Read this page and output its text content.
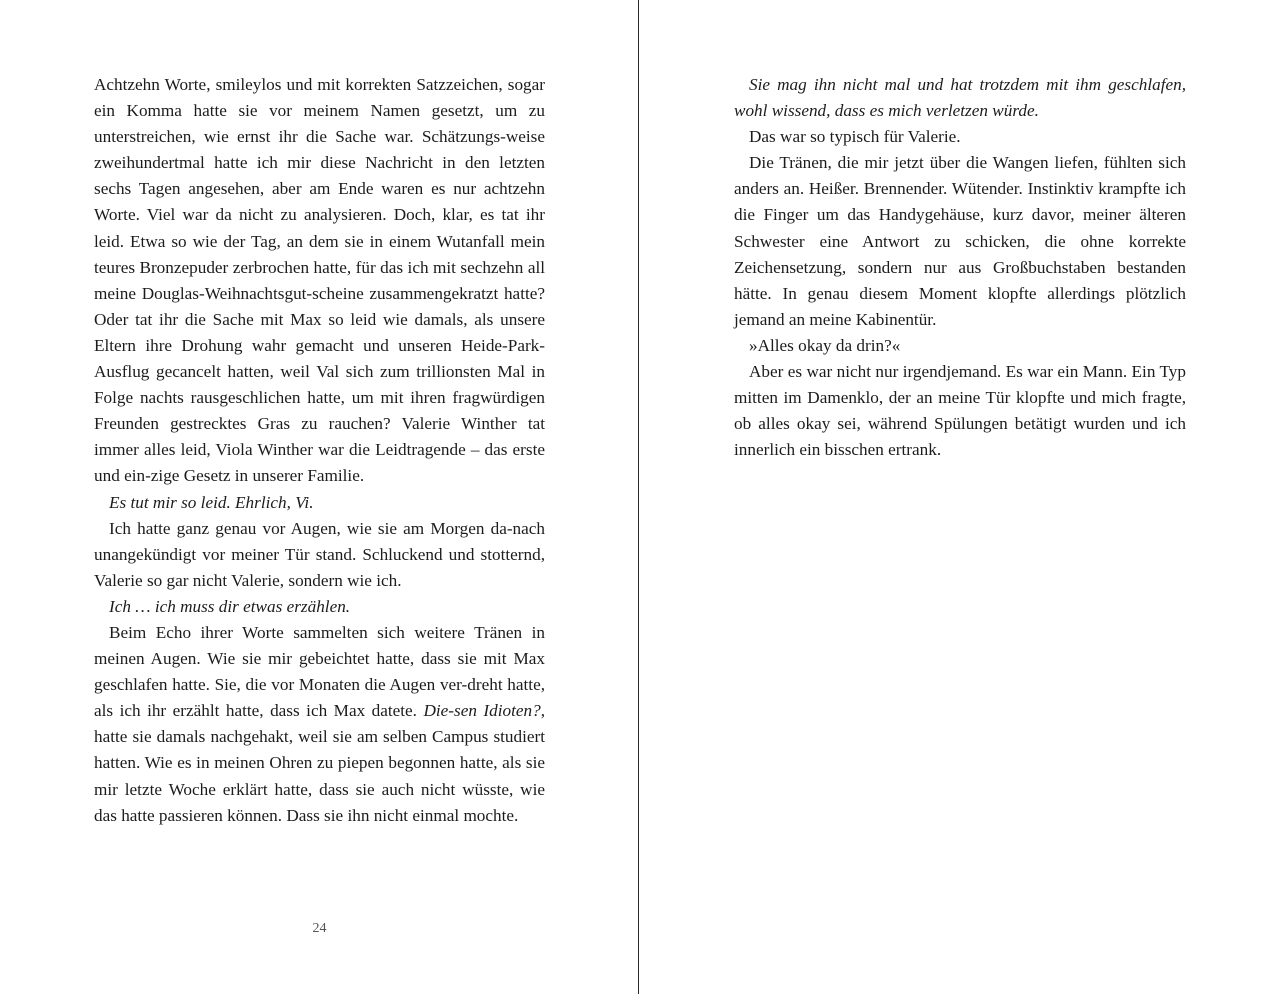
Achtzehn Worte, smileylos und mit korrekten Satzzeichen, sogar ein Komma hatte sie vor meinem Namen gesetzt, um zu unterstreichen, wie ernst ihr die Sache war. Schätzungs-weise zweihundertmal hatte ich mir diese Nachricht in den letzten sechs Tagen angesehen, aber am Ende waren es nur achtzehn Worte. Viel war da nicht zu analysieren. Doch, klar, es tat ihr leid. Etwa so wie der Tag, an dem sie in einem Wutanfall mein teures Bronzepuder zerbrochen hatte, für das ich mit sechzehn all meine Douglas-Weihnachtsgut-scheine zusammengekratzt hatte? Oder tat ihr die Sache mit Max so leid wie damals, als unsere Eltern ihre Drohung wahr gemacht und unseren Heide-Park-Ausflug gecancelt hatten, weil Val sich zum trillionsten Mal in Folge nachts rausgeschlichen hatte, um mit ihren fragwürdigen Freunden gestrecktes Gras zu rauchen? Valerie Winther tat immer alles leid, Viola Winther war die Leidtragende – das erste und ein-zige Gesetz in unserer Familie.

Es tut mir so leid. Ehrlich, Vi.

Ich hatte ganz genau vor Augen, wie sie am Morgen da-nach unangekündigt vor meiner Tür stand. Schluckend und stotternd, Valerie so gar nicht Valerie, sondern wie ich.

Ich … ich muss dir etwas erzählen.

Beim Echo ihrer Worte sammelten sich weitere Tränen in meinen Augen. Wie sie mir gebeichtet hatte, dass sie mit Max geschlafen hatte. Sie, die vor Monaten die Augen ver-dreht hatte, als ich ihr erzählt hatte, dass ich Max datete. Die-sen Idioten?, hatte sie damals nachgehakt, weil sie am selben Campus studiert hatten. Wie es in meinen Ohren zu piepen begonnen hatte, als sie mir letzte Woche erklärt hatte, dass sie auch nicht wüsste, wie das hatte passieren können. Dass sie ihn nicht einmal mochte.

24

Sie mag ihn nicht mal und hat trotzdem mit ihm geschlafen, wohl wissend, dass es mich verletzen würde.

Das war so typisch für Valerie.

Die Tränen, die mir jetzt über die Wangen liefen, fühlten sich anders an. Heißer. Brennender. Wütender. Instinktiv krampfte ich die Finger um das Handygehäuse, kurz davor, meiner älteren Schwester eine Antwort zu schicken, die ohne korrekte Zeichensetzung, sondern nur aus Großbuchstaben bestanden hätte. In genau diesem Moment klopfte allerdings plötzlich jemand an meine Kabinentür.

»Alles okay da drin?«

Aber es war nicht nur irgendjemand. Es war ein Mann. Ein Typ mitten im Damenklo, der an meine Tür klopfte und mich fragte, ob alles okay sei, während Spülungen betätigt wurden und ich innerlich ein bisschen ertrank.
